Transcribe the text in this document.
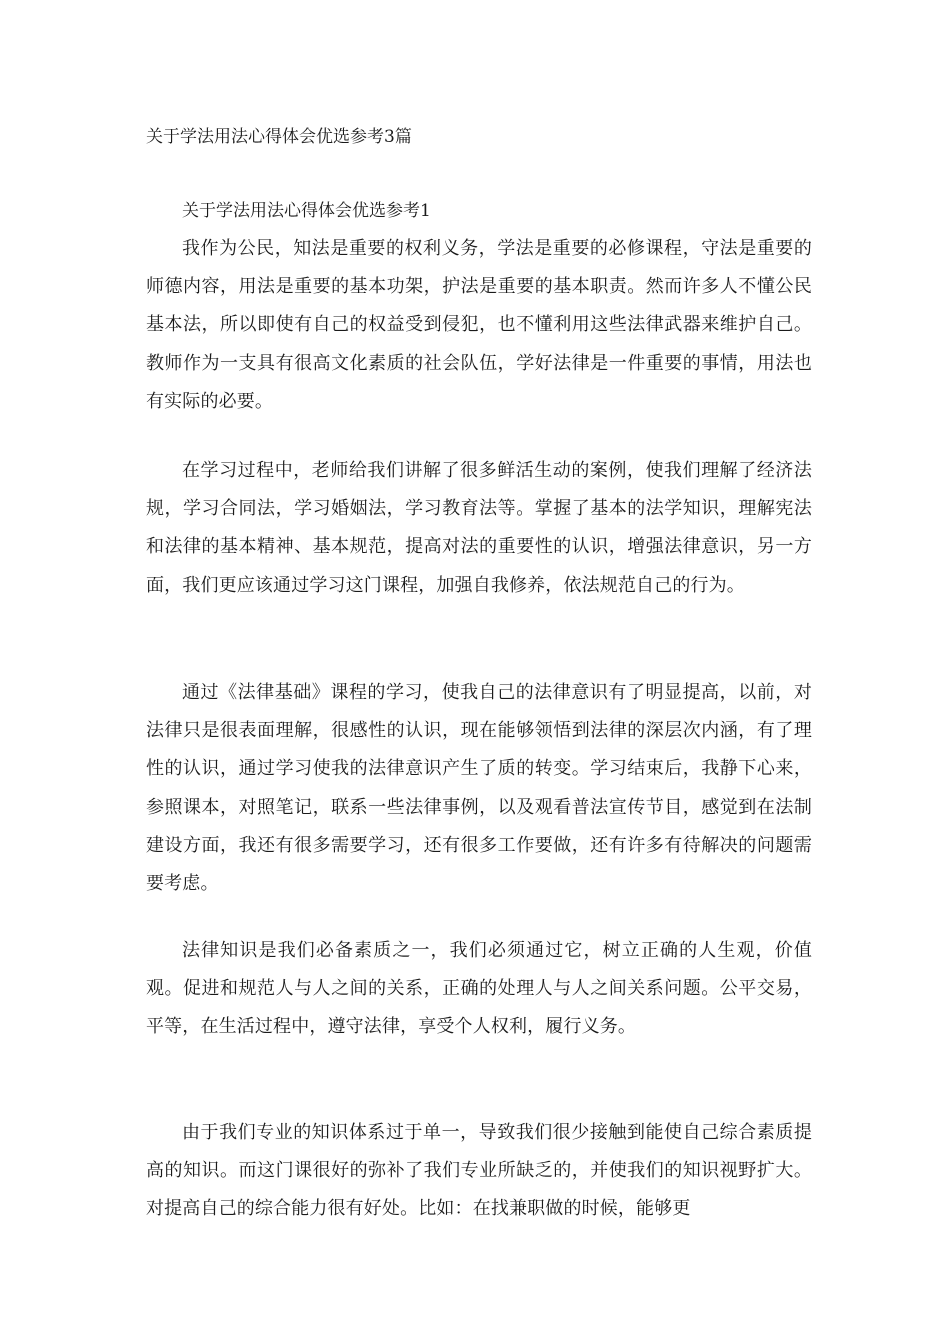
关于学法用法心得体会优选参考3篇
关于学法用法心得体会优选参考1

我作为公民，知法是重要的权利义务，学法是重要的必修课程，守法是重要的师德内容，用法是重要的基本功架，护法是重要的基本职责。然而许多人不懂公民基本法，所以即使有自己的权益受到侵犯，也不懂利用这些法律武器来维护自己。教师作为一支具有很高文化素质的社会队伍，学好法律是一件重要的事情，用法也有实际的必要。

在学习过程中，老师给我们讲解了很多鲜活生动的案例，使我们理解了经济法规，学习合同法，学习婚姻法，学习教育法等。掌握了基本的法学知识，理解宪法和法律的基本精神、基本规范，提高对法的重要性的认识，增强法律意识，另一方面，我们更应该通过学习这门课程，加强自我修养，依法规范自己的行为。

通过《法律基础》课程的学习，使我自己的法律意识有了明显提高，以前，对法律只是很表面理解，很感性的认识，现在能够领悟到法律的深层次内涵，有了理性的认识，通过学习使我的法律意识产生了质的转变。学习结束后，我静下心来，参照课本，对照笔记，联系一些法律事例，以及观看普法宣传节目，感觉到在法制建设方面，我还有很多需要学习，还有很多工作要做，还有许多有待解决的问题需要考虑。

法律知识是我们必备素质之一，我们必须通过它，树立正确的人生观，价值观。促进和规范人与人之间的关系，正确的处理人与人之间关系问题。公平交易，平等，在生活过程中，遵守法律，享受个人权利，履行义务。

由于我们专业的知识体系过于单一，导致我们很少接触到能使自己综合素质提高的知识。而这门课很好的弥补了我们专业所缺乏的，并使我们的知识视野扩大。对提高自己的综合能力很有好处。比如：在找兼职做的时候，能够更
